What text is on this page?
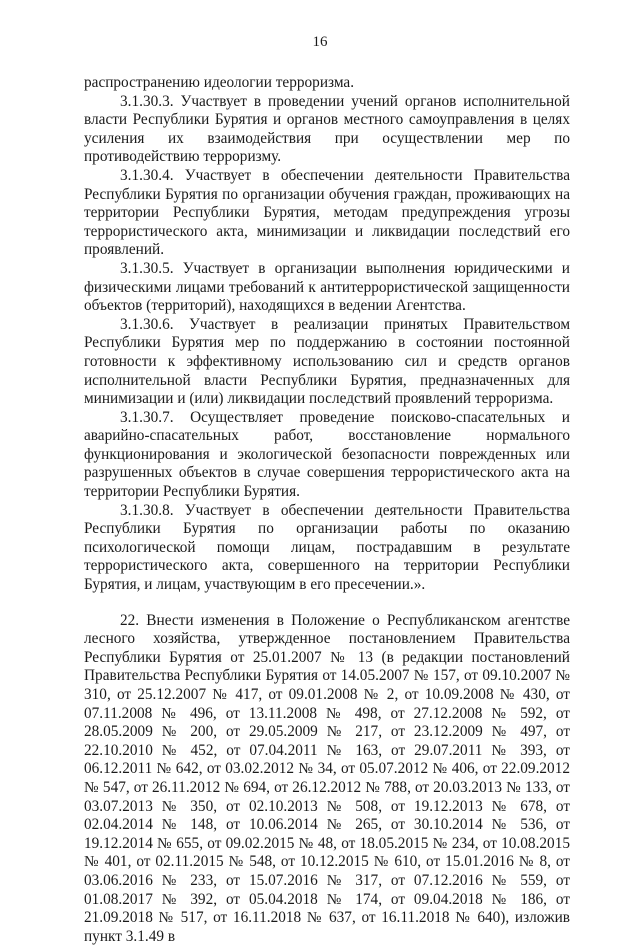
16

распространению идеологии терроризма.

3.1.30.3. Участвует в проведении учений органов исполнительной власти Республики Бурятия и органов местного самоуправления в целях усиления их взаимодействия при осуществлении мер по противодействию терроризму.

3.1.30.4. Участвует в обеспечении деятельности Правительства Республики Бурятия по организации обучения граждан, проживающих на территории Республики Бурятия, методам предупреждения угрозы террористического акта, минимизации и ликвидации последствий его проявлений.

3.1.30.5. Участвует в организации выполнения юридическими и физическими лицами требований к антитеррористической защищенности объектов (территорий), находящихся в ведении Агентства.

3.1.30.6. Участвует в реализации принятых Правительством Республики Бурятия мер по поддержанию в состоянии постоянной готовности к эффективному использованию сил и средств органов исполнительной власти Республики Бурятия, предназначенных для минимизации и (или) ликвидации последствий проявлений терроризма.

3.1.30.7. Осуществляет проведение поисково-спасательных и аварийно-спасательных работ, восстановление нормального функционирования и экологической безопасности поврежденных или разрушенных объектов в случае совершения террористического акта на территории Республики Бурятия.

3.1.30.8. Участвует в обеспечении деятельности Правительства Республики Бурятия по организации работы по оказанию психологической помощи лицам, пострадавшим в результате террористического акта, совершенного на территории Республики Бурятия, и лицам, участвующим в его пресечении.».

22. Внести изменения в Положение о Республиканском агентстве лесного хозяйства, утвержденное постановлением Правительства Республики Бурятия от 25.01.2007 № 13 (в редакции постановлений Правительства Республики Бурятия от 14.05.2007 № 157, от 09.10.2007 № 310, от 25.12.2007 № 417, от 09.01.2008 № 2, от 10.09.2008 № 430, от 07.11.2008 № 496, от 13.11.2008 № 498, от 27.12.2008 № 592, от 28.05.2009 № 200, от 29.05.2009 № 217, от 23.12.2009 № 497, от 22.10.2010 № 452, от 07.04.2011 № 163, от 29.07.2011 № 393, от 06.12.2011 № 642, от 03.02.2012 № 34, от 05.07.2012 № 406, от 22.09.2012 № 547, от 26.11.2012 № 694, от 26.12.2012 № 788, от 20.03.2013 № 133, от 03.07.2013 № 350, от 02.10.2013 № 508, от 19.12.2013 № 678, от 02.04.2014 № 148, от 10.06.2014 № 265, от 30.10.2014 № 536, от 19.12.2014 № 655, от 09.02.2015 № 48, от 18.05.2015 № 234, от 10.08.2015 № 401, от 02.11.2015 № 548, от 10.12.2015 № 610, от 15.01.2016 № 8, от 03.06.2016 № 233, от 15.07.2016 № 317, от 07.12.2016 № 559, от 01.08.2017 № 392, от 05.04.2018 № 174, от 09.04.2018 № 186, от 21.09.2018 № 517, от 16.11.2018 № 637, от 16.11.2018 № 640), изложив пункт 3.1.49 в
